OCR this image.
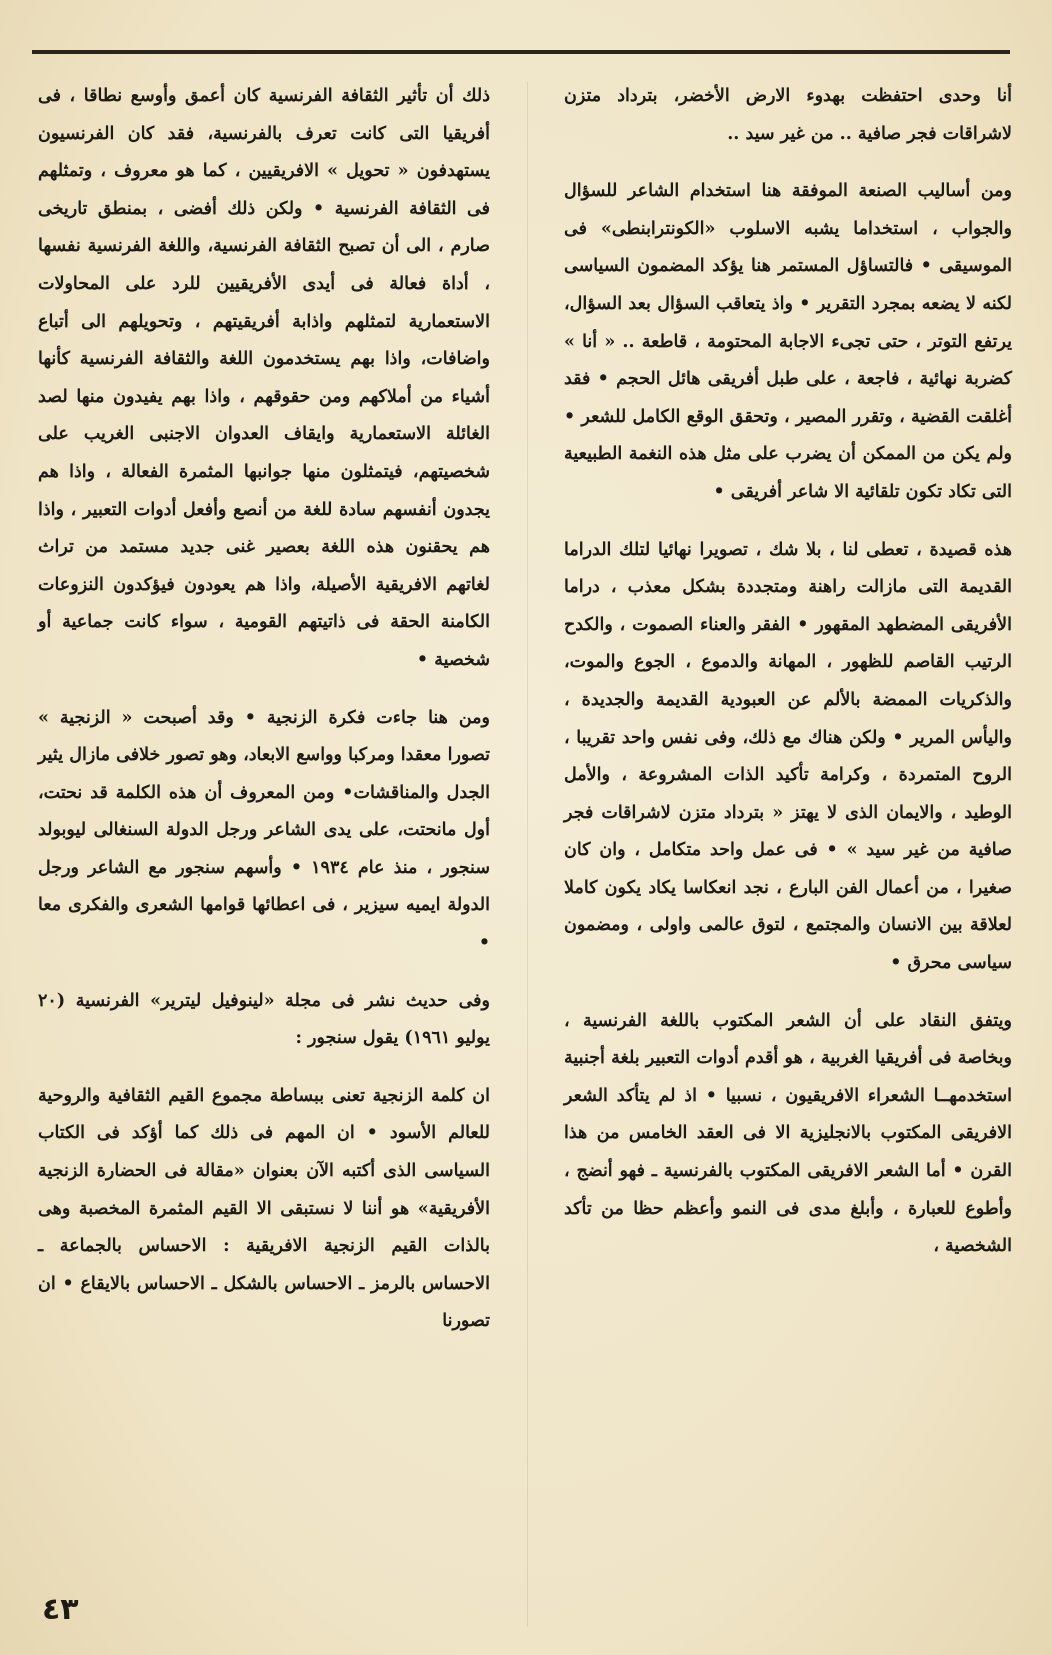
أنا وحدى احتفظت بهدوء الارض الأخضر، بترداد متزن لاشراقات فجر صافية .. من غير سيد ..

ومن أساليب الصنعة الموفقة هنا استخدام الشاعر للسؤال والجواب ، استخداما يشبه الاسلوب «الكونترابنطى» فى الموسيقى • فالتساؤل المستمر هنا يؤكد المضمون السياسى لكنه لا يضعه بمجرد التقرير • واذ يتعاقب السؤال بعد السؤال، يرتفع التوتر ، حتى تجىء الاجابة المحتومة ، قاطعة .. « أنا » كضربة نهائية ، فاجعة ، على طبل أفريقى هائل الحجم • فقد أغلقت القضية ، وتقرر المصير ، وتحقق الوقع الكامل للشعر • ولم يكن من الممكن أن يضرب على مثل هذه النغمة الطبيعية التى تكاد تكون تلقائية الا شاعر أفريقى •

هذه قصيدة ، تعطى لنا ، بلا شك ، تصويرا نهائيا لتلك الدراما القديمة التى مازالت راهنة ومتجددة بشكل معذب ، دراما الأفريقى المضطهد المقهور • الفقر والعناء الصموت ، والكدح الرتيب القاصم للظهور ، المهانة والدموع ، الجوع والموت، والذكريات الممضة بالألم عن العبودية القديمة والجديدة ، واليأس المرير • ولكن هناك مع ذلك، وفى نفس واحد تقريبا ، الروح المتمردة ، وكرامة تأكيد الذات المشروعة ، والأمل الوطيد ، والايمان الذى لا يهتز « بترداد متزن لاشراقات فجر صافية من غير سيد » • فى عمل واحد متكامل ، وان كان صغيرا ، من أعمال الفن البارع ، نجد انعكاسا يكاد يكون كاملا لعلاقة بين الانسان والمجتمع ، لتوق عالمى واولى ، ومضمون سياسى محرق •

ويتفق النقاد على أن الشعر المكتوب باللغة الفرنسية ، وبخاصة فى أفريقيا الغربية ، هو أقدم أدوات التعبير بلغة أجنبية استخدمهــا الشعراء الافريقيون ، نسبيا • اذ لم يتأكد الشعر الافريقى المكتوب بالانجليزية الا فى العقد الخامس من هذا القرن • أما الشعر الافريقى المكتوب بالفرنسية ـ فهو أنضج ، وأطوع للعبارة ، وأبلغ مدى فى النمو وأعظم حظا من تأكد الشخصية ،

ذلك أن تأثير الثقافة الفرنسية كان أعمق وأوسع نطاقا ، فى أفريقيا التى كانت تعرف بالفرنسية، فقد كان الفرنسيون يستهدفون « تحويل » الافريقيين ، كما هو معروف ، وتمثلهم فى الثقافة الفرنسية • ولكن ذلك أفضى ، بمنطق تاريخى صارم ، الى أن تصبح الثقافة الفرنسية، واللغة الفرنسية نفسها ، أداة فعالة فى أيدى الأفريقيين للرد على المحاولات الاستعمارية لتمثلهم واذابة أفريقيتهم ، وتحويلهم الى أتباع واضافات، واذا بهم يستخدمون اللغة والثقافة الفرنسية كأنها أشياء من أملاكهم ومن حقوقهم ، واذا بهم يفيدون منها لصد الغائلة الاستعمارية وايقاف العدوان الاجنبى الغريب على شخصيتهم، فيتمثلون منها جوانبها المثمرة الفعالة ، واذا هم يجدون أنفسهم سادة للغة من أنصع وأفعل أدوات التعبير ، واذا هم يحقنون هذه اللغة بعصير غنى جديد مستمد من تراث لغاتهم الافريقية الأصيلة، واذا هم يعودون فيؤكدون النزوعات الكامنة الحقة فى ذاتيتهم القومية ، سواء كانت جماعية أو شخصية •

ومن هنا جاءت فكرة الزنجية • وقد أصبحت « الزنجية » تصورا معقدا ومركبا وواسع الابعاد، وهو تصور خلافى مازال يثير الجدل والمناقشات• ومن المعروف أن هذه الكلمة قد نحتت، أول مانحتت، على يدى الشاعر ورجل الدولة السنغالى ليوبولد سنجور ، منذ عام ١٩٣٤ • وأسهم سنجور مع الشاعر ورجل الدولة ايميه سيزير ، فى اعطائها قوامها الشعرى والفكرى معا •

وفى حديث نشر فى مجلة «لينوفيل ليترير» الفرنسية (٢٠ يوليو ١٩٦١) يقول سنجور :

ان كلمة الزنجية تعنى ببساطة مجموع القيم الثقافية والروحية للعالم الأسود • ان المهم فى ذلك كما أؤكد فى الكتاب السياسى الذى أكتبه الآن بعنوان «مقالة فى الحضارة الزنجية الأفريقية» هو أننا لا نستبقى الا القيم المثمرة المخصبة وهى بالذات القيم الزنجية الافريقية : الاحساس بالجماعة ـ الاحساس بالرمز ـ الاحساس بالشكل ـ الاحساس بالايقاع • ان تصورنا

٤٣
